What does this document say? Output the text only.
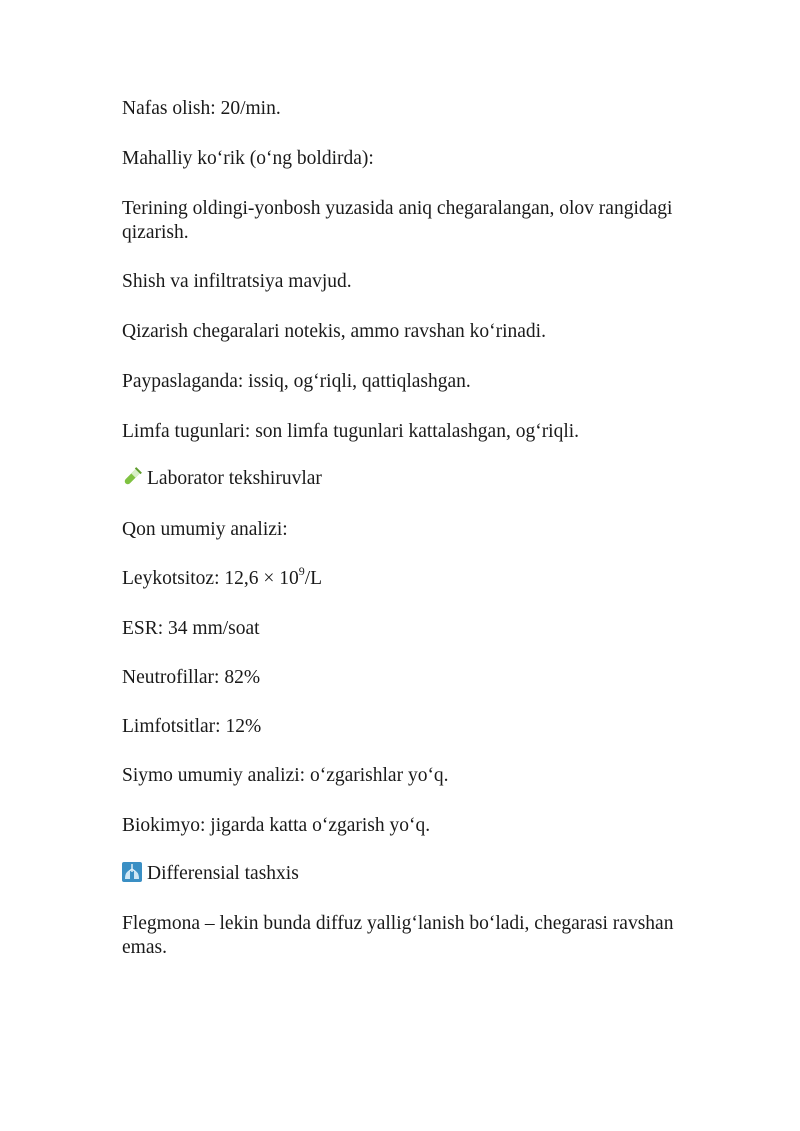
Nafas olish: 20/min.

Mahalliy ko‘rik (o‘ng boldirda):

Terining oldingi-yonbosh yuzasida aniq chegaralangan, olov rangidagi qizarish.

Shish va infiltratsiya mavjud.

Qizarish chegaralari notekis, ammo ravshan ko‘rinadi.

Paypaslaganda: issiq, og‘riqli, qattiqlashgan.

Limfa tugunlari: son limfa tugunlari kattalashgan, og‘riqli.

Laborator tekshiruvlar

Qon umumiy analizi:

Leykotsitoz: $12,6 \times 10^9/L$

ESR: 34 mm/soat

Neutrofillar: 82%

Limfotsitlar: 12%

Siymo umumiy analizi: o‘zgarishlar yo‘q.

Biokimyo: jigarda katta o‘zgarish yo‘q.

Differensial tashxis

Flegmona – lekin bunda diffuz yallig‘lanish bo‘ladi, chegarasi ravshan emas.
